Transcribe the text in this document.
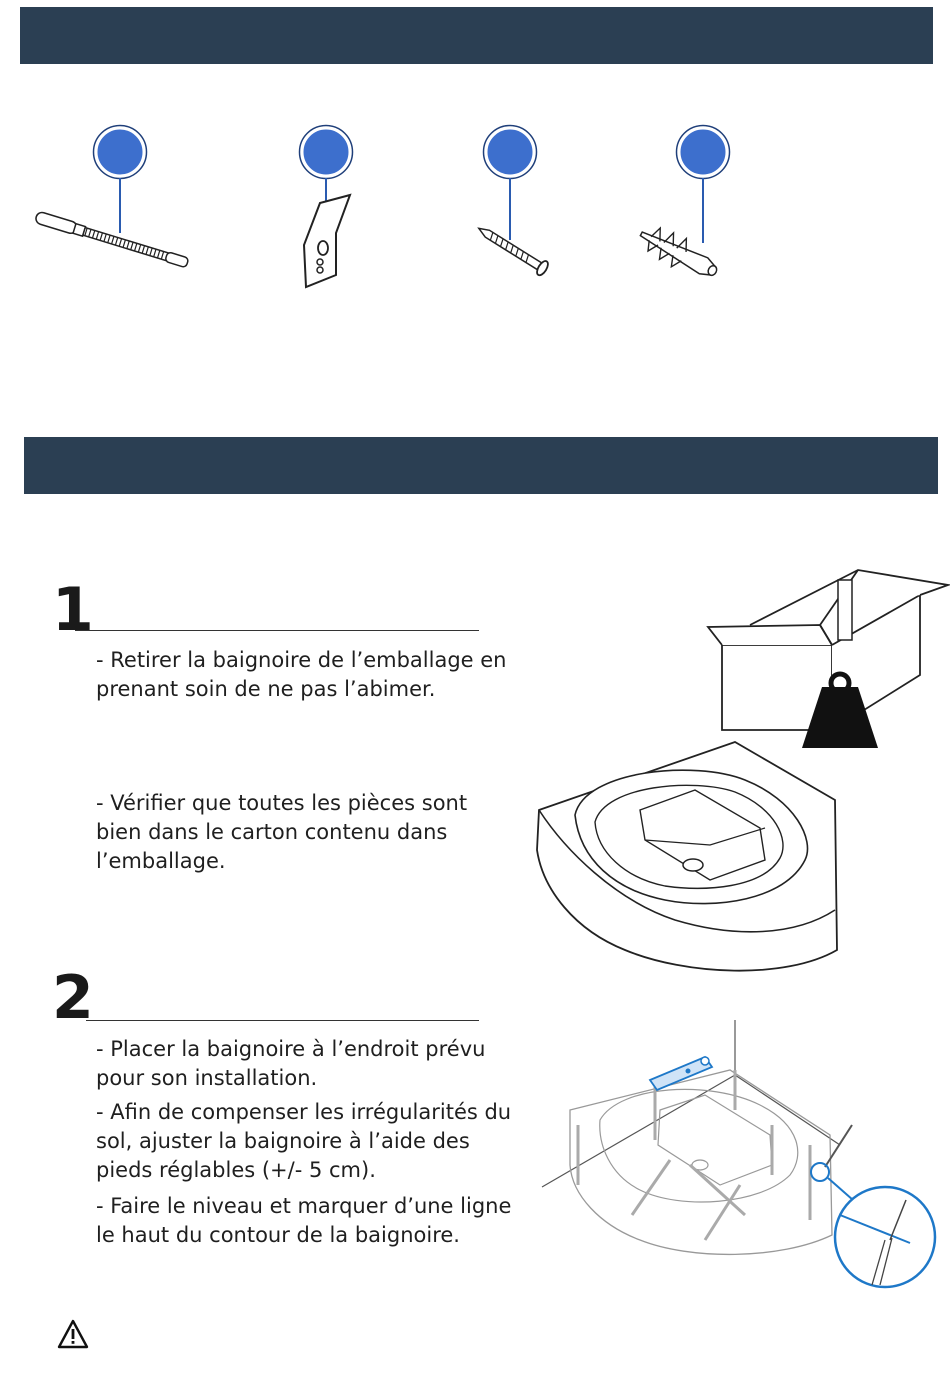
1

- Retirer la baignoire de l’emballage en prenant soin de ne pas l’abimer.

- Vérifier que toutes les pièces sont bien dans le carton contenu dans l’emballage.

2

- Placer la baignoire à l’endroit prévu pour son installation.

- Afin de compenser les irrégularités du sol, ajuster la baignoire à l’aide des pieds réglables (+/- 5 cm).

- Faire le niveau et marquer d’une ligne le haut du contour de la baignoire.
